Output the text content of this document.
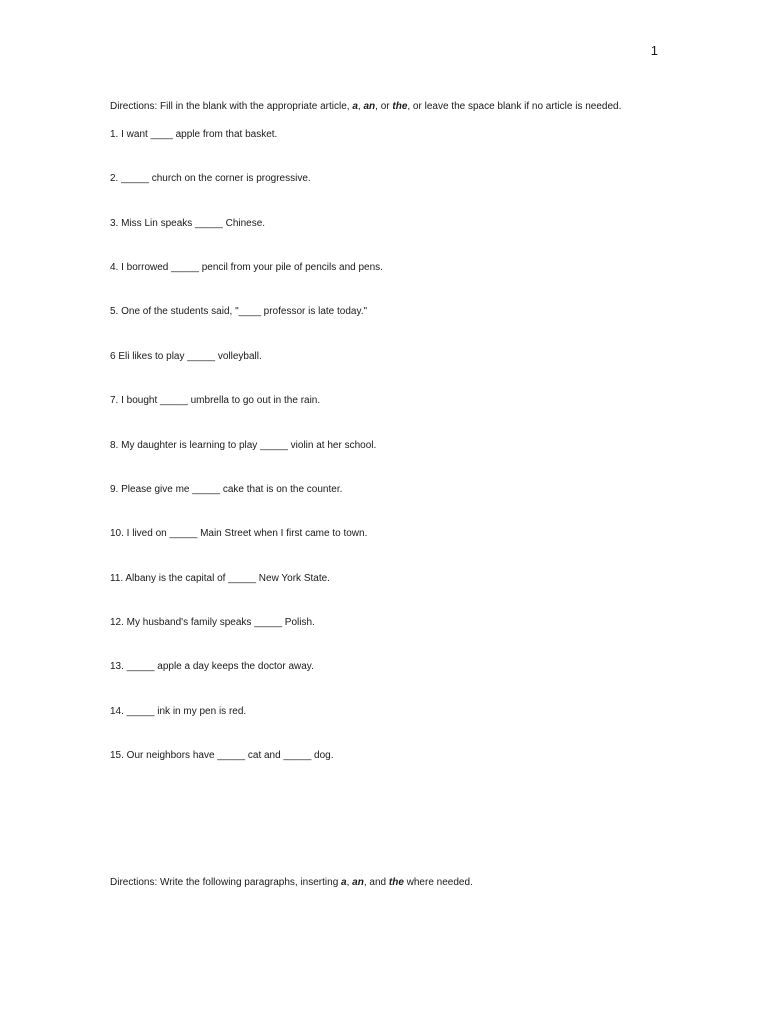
1
Directions: Fill in the blank with the appropriate article, a, an, or the, or leave the space blank if no article is needed.
1. I want ____ apple from that basket.
2. _____ church on the corner is progressive.
3. Miss Lin speaks _____ Chinese.
4. I borrowed _____ pencil from your pile of pencils and pens.
5. One of the students said, "____ professor is late today."
6 Eli likes to play _____ volleyball.
7. I bought _____ umbrella to go out in the rain.
8. My daughter is learning to play _____ violin at her school.
9. Please give me _____ cake that is on the counter.
10. I lived on _____ Main Street when I first came to town.
11. Albany is the capital of _____ New York State.
12. My husband's family speaks _____ Polish.
13. _____ apple a day keeps the doctor away.
14. _____ ink in my pen is red.
15. Our neighbors have _____ cat and _____ dog.
Directions: Write the following paragraphs, inserting a, an, and the where needed.
